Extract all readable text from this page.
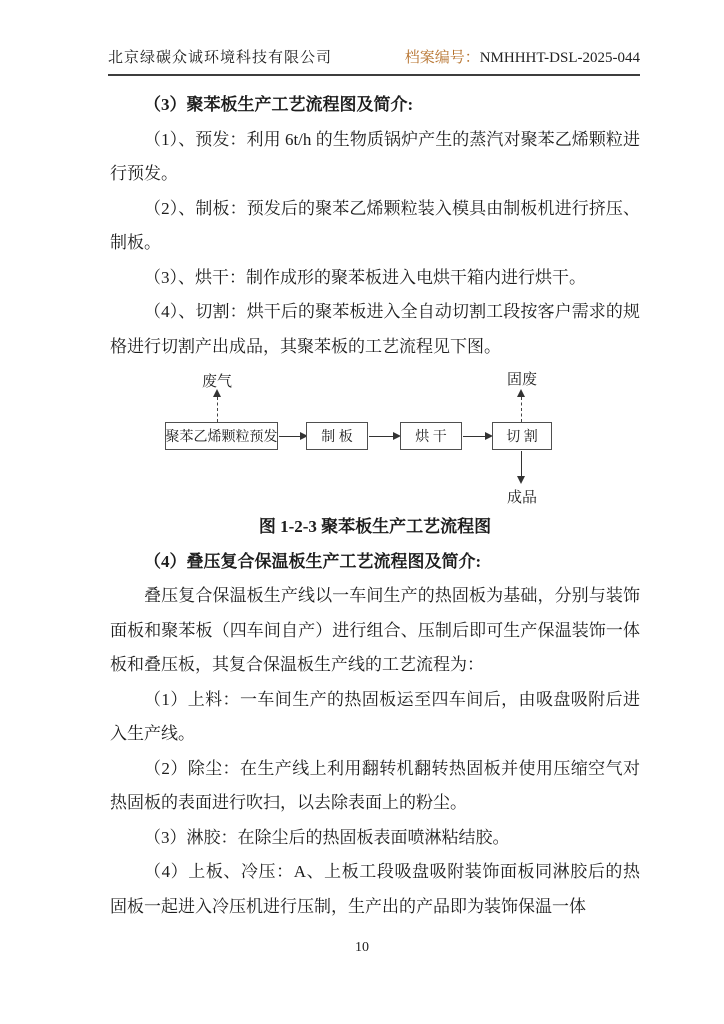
北京绿碳众诚环境科技有限公司	档案编号：NMHHHT-DSL-2025-044

（3）聚苯板生产工艺流程图及简介:

（1）、预发：利用 6t/h 的生物质锅炉产生的蒸汽对聚苯乙烯颗粒进行预发。

（2）、制板：预发后的聚苯乙烯颗粒装入模具由制板机进行挤压、制板。

（3）、烘干：制作成形的聚苯板进入电烘干箱内进行烘干。

（4）、切割：烘干后的聚苯板进入全自动切割工段按客户需求的规格进行切割产出成品，其聚苯板的工艺流程见下图。

废气
聚苯乙烯颗粒预发	制 板	烘 干	切 割
固废
成品

图 1-2-3 聚苯板生产工艺流程图

（4）叠压复合保温板生产工艺流程图及简介:

叠压复合保温板生产线以一车间生产的热固板为基础，分别与装饰面板和聚苯板（四车间自产）进行组合、压制后即可生产保温装饰一体板和叠压板，其复合保温板生产线的工艺流程为：

（1）上料：一车间生产的热固板运至四车间后，由吸盘吸附后进入生产线。

（2）除尘：在生产线上利用翻转机翻转热固板并使用压缩空气对热固板的表面进行吹扫，以去除表面上的粉尘。

（3）淋胶：在除尘后的热固板表面喷淋粘结胶。

（4）上板、冷压：A、上板工段吸盘吸附装饰面板同淋胶后的热固板一起进入冷压机进行压制，生产出的产品即为装饰保温一体

10
